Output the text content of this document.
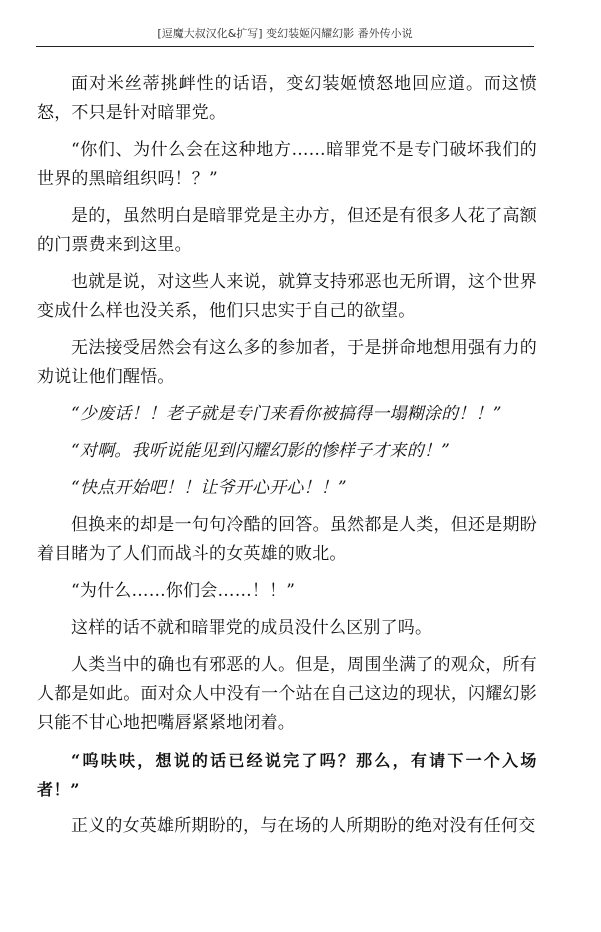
[逗魔大叔汉化&扩写] 变幻装姬闪耀幻影 番外传小说

面对米丝蒂挑衅性的话语，变幻装姬愤怒地回应道。而这愤怒，不只是针对暗罪党。

“你们、为什么会在这种地方……暗罪党不是专门破坏我们的世界的黑暗组织吗！？”

是的，虽然明白是暗罪党是主办方，但还是有很多人花了高额的门票费来到这里。

也就是说，对这些人来说，就算支持邪恶也无所谓，这个世界变成什么样也没关系，他们只忠实于自己的欲望。

无法接受居然会有这么多的参加者，于是拼命地想用强有力的劝说让他们醒悟。

“少废话！！老子就是专门来看你被搞得一塌糊涂的！！”

“对啊。我听说能见到闪耀幻影的惨样子才来的！”

“快点开始吧！！让爷开心开心！！”

但换来的却是一句句冷酷的回答。虽然都是人类，但还是期盼着目睹为了人们而战斗的女英雄的败北。

“为什么……你们会……！！”

这样的话不就和暗罪党的成员没什么区别了吗。

人类当中的确也有邪恶的人。但是，周围坐满了的观众，所有人都是如此。面对众人中没有一个站在自己这边的现状，闪耀幻影只能不甘心地把嘴唇紧紧地闭着。

“呜呋呋，想说的话已经说完了吗？那么，有请下一个入场者！”

正义的女英雄所期盼的，与在场的人所期盼的绝对没有任何交
